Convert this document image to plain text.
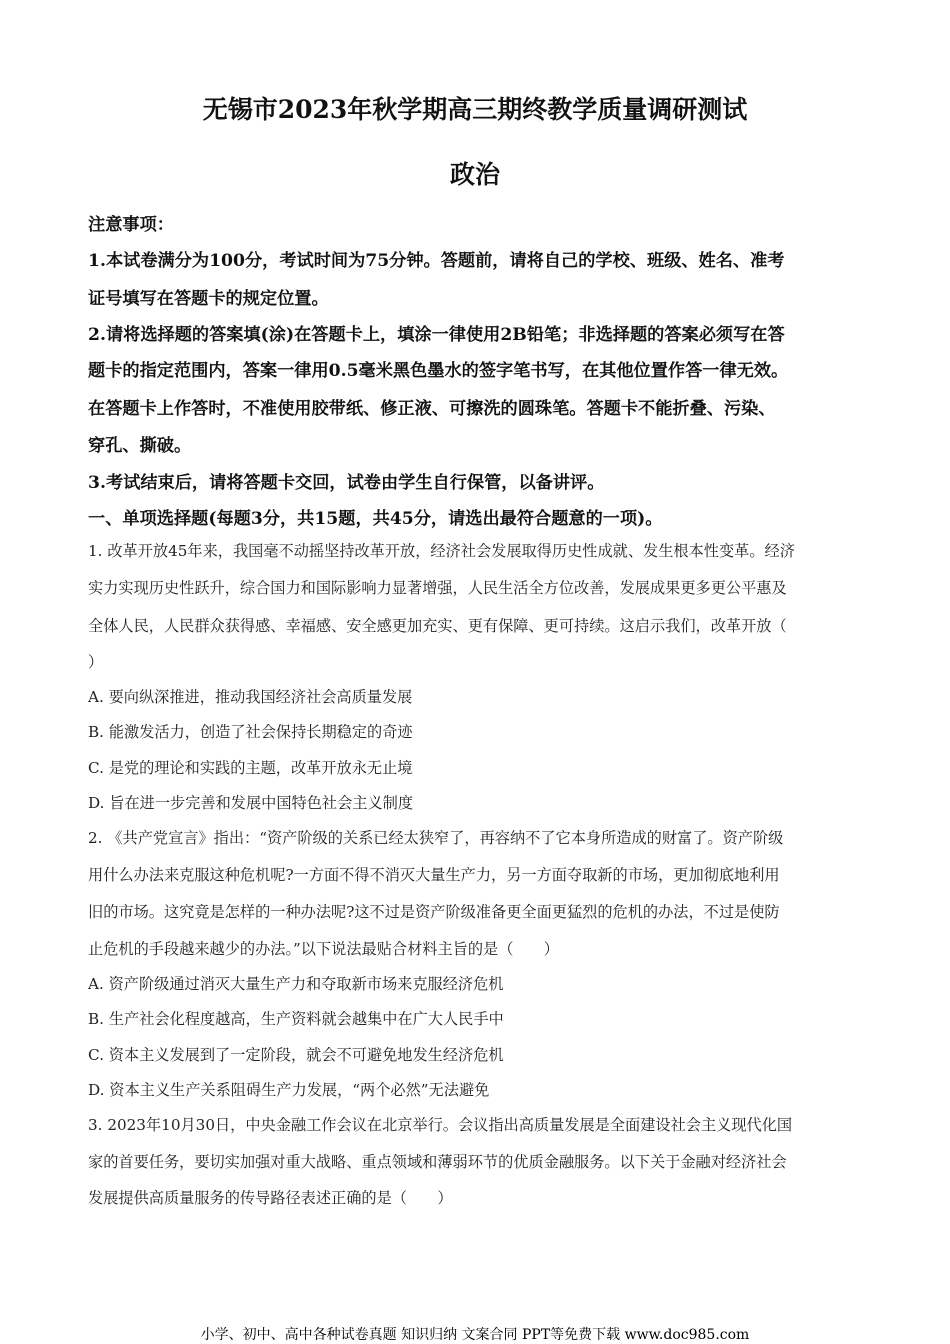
无锡市2023年秋学期高三期终教学质量调研测试
政治
注意事项：
1.本试卷满分为100分，考试时间为75分钟。答题前，请将自己的学校、班级、姓名、准考
证号填写在答题卡的规定位置。
2.请将选择题的答案填(涂)在答题卡上，填涂一律使用2B铅笔；非选择题的答案必须写在答
题卡的指定范围内，答案一律用0.5毫米黑色墨水的签字笔书写，在其他位置作答一律无效。
在答题卡上作答时，不准使用胶带纸、修正液、可擦洗的圆珠笔。答题卡不能折叠、污染、
穿孔、撕破。
3.考试结束后，请将答题卡交回，试卷由学生自行保管，以备讲评。
一、单项选择题(每题3分，共15题，共45分，请选出最符合题意的一项)。
1. 改革开放45年来，我国毫不动摇坚持改革开放，经济社会发展取得历史性成就、发生根本性变革。经济
实力实现历史性跃升，综合国力和国际影响力显著增强，人民生活全方位改善，发展成果更多更公平惠及
全体人民，人民群众获得感、幸福感、安全感更加充实、更有保障、更可持续。这启示我们，改革开放（
）
A. 要向纵深推进，推动我国经济社会高质量发展
B. 能激发活力，创造了社会保持长期稳定的奇迹
C. 是党的理论和实践的主题，改革开放永无止境
D. 旨在进一步完善和发展中国特色社会主义制度
2. 《共产党宣言》指出：“资产阶级的关系已经太狭窄了，再容纳不了它本身所造成的财富了。资产阶级
用什么办法来克服这种危机呢?一方面不得不消灭大量生产力，另一方面夺取新的市场，更加彻底地利用
旧的市场。这究竟是怎样的一种办法呢?这不过是资产阶级准备更全面更猛烈的危机的办法，不过是使防
止危机的手段越来越少的办法。”以下说法最贴合材料主旨的是（　　）
A. 资产阶级通过消灭大量生产力和夺取新市场来克服经济危机
B. 生产社会化程度越高，生产资料就会越集中在广大人民手中
C. 资本主义发展到了一定阶段，就会不可避免地发生经济危机
D. 资本主义生产关系阻碍生产力发展，“两个必然”无法避免
3. 2023年10月30日，中央金融工作会议在北京举行。会议指出高质量发展是全面建设社会主义现代化国
家的首要任务，要切实加强对重大战略、重点领域和薄弱环节的优质金融服务。以下关于金融对经济社会
发展提供高质量服务的传导路径表述正确的是（　　）
小学、初中、高中各种试卷真题 知识归纳 文案合同 PPT等免费下载 www.doc985.com
